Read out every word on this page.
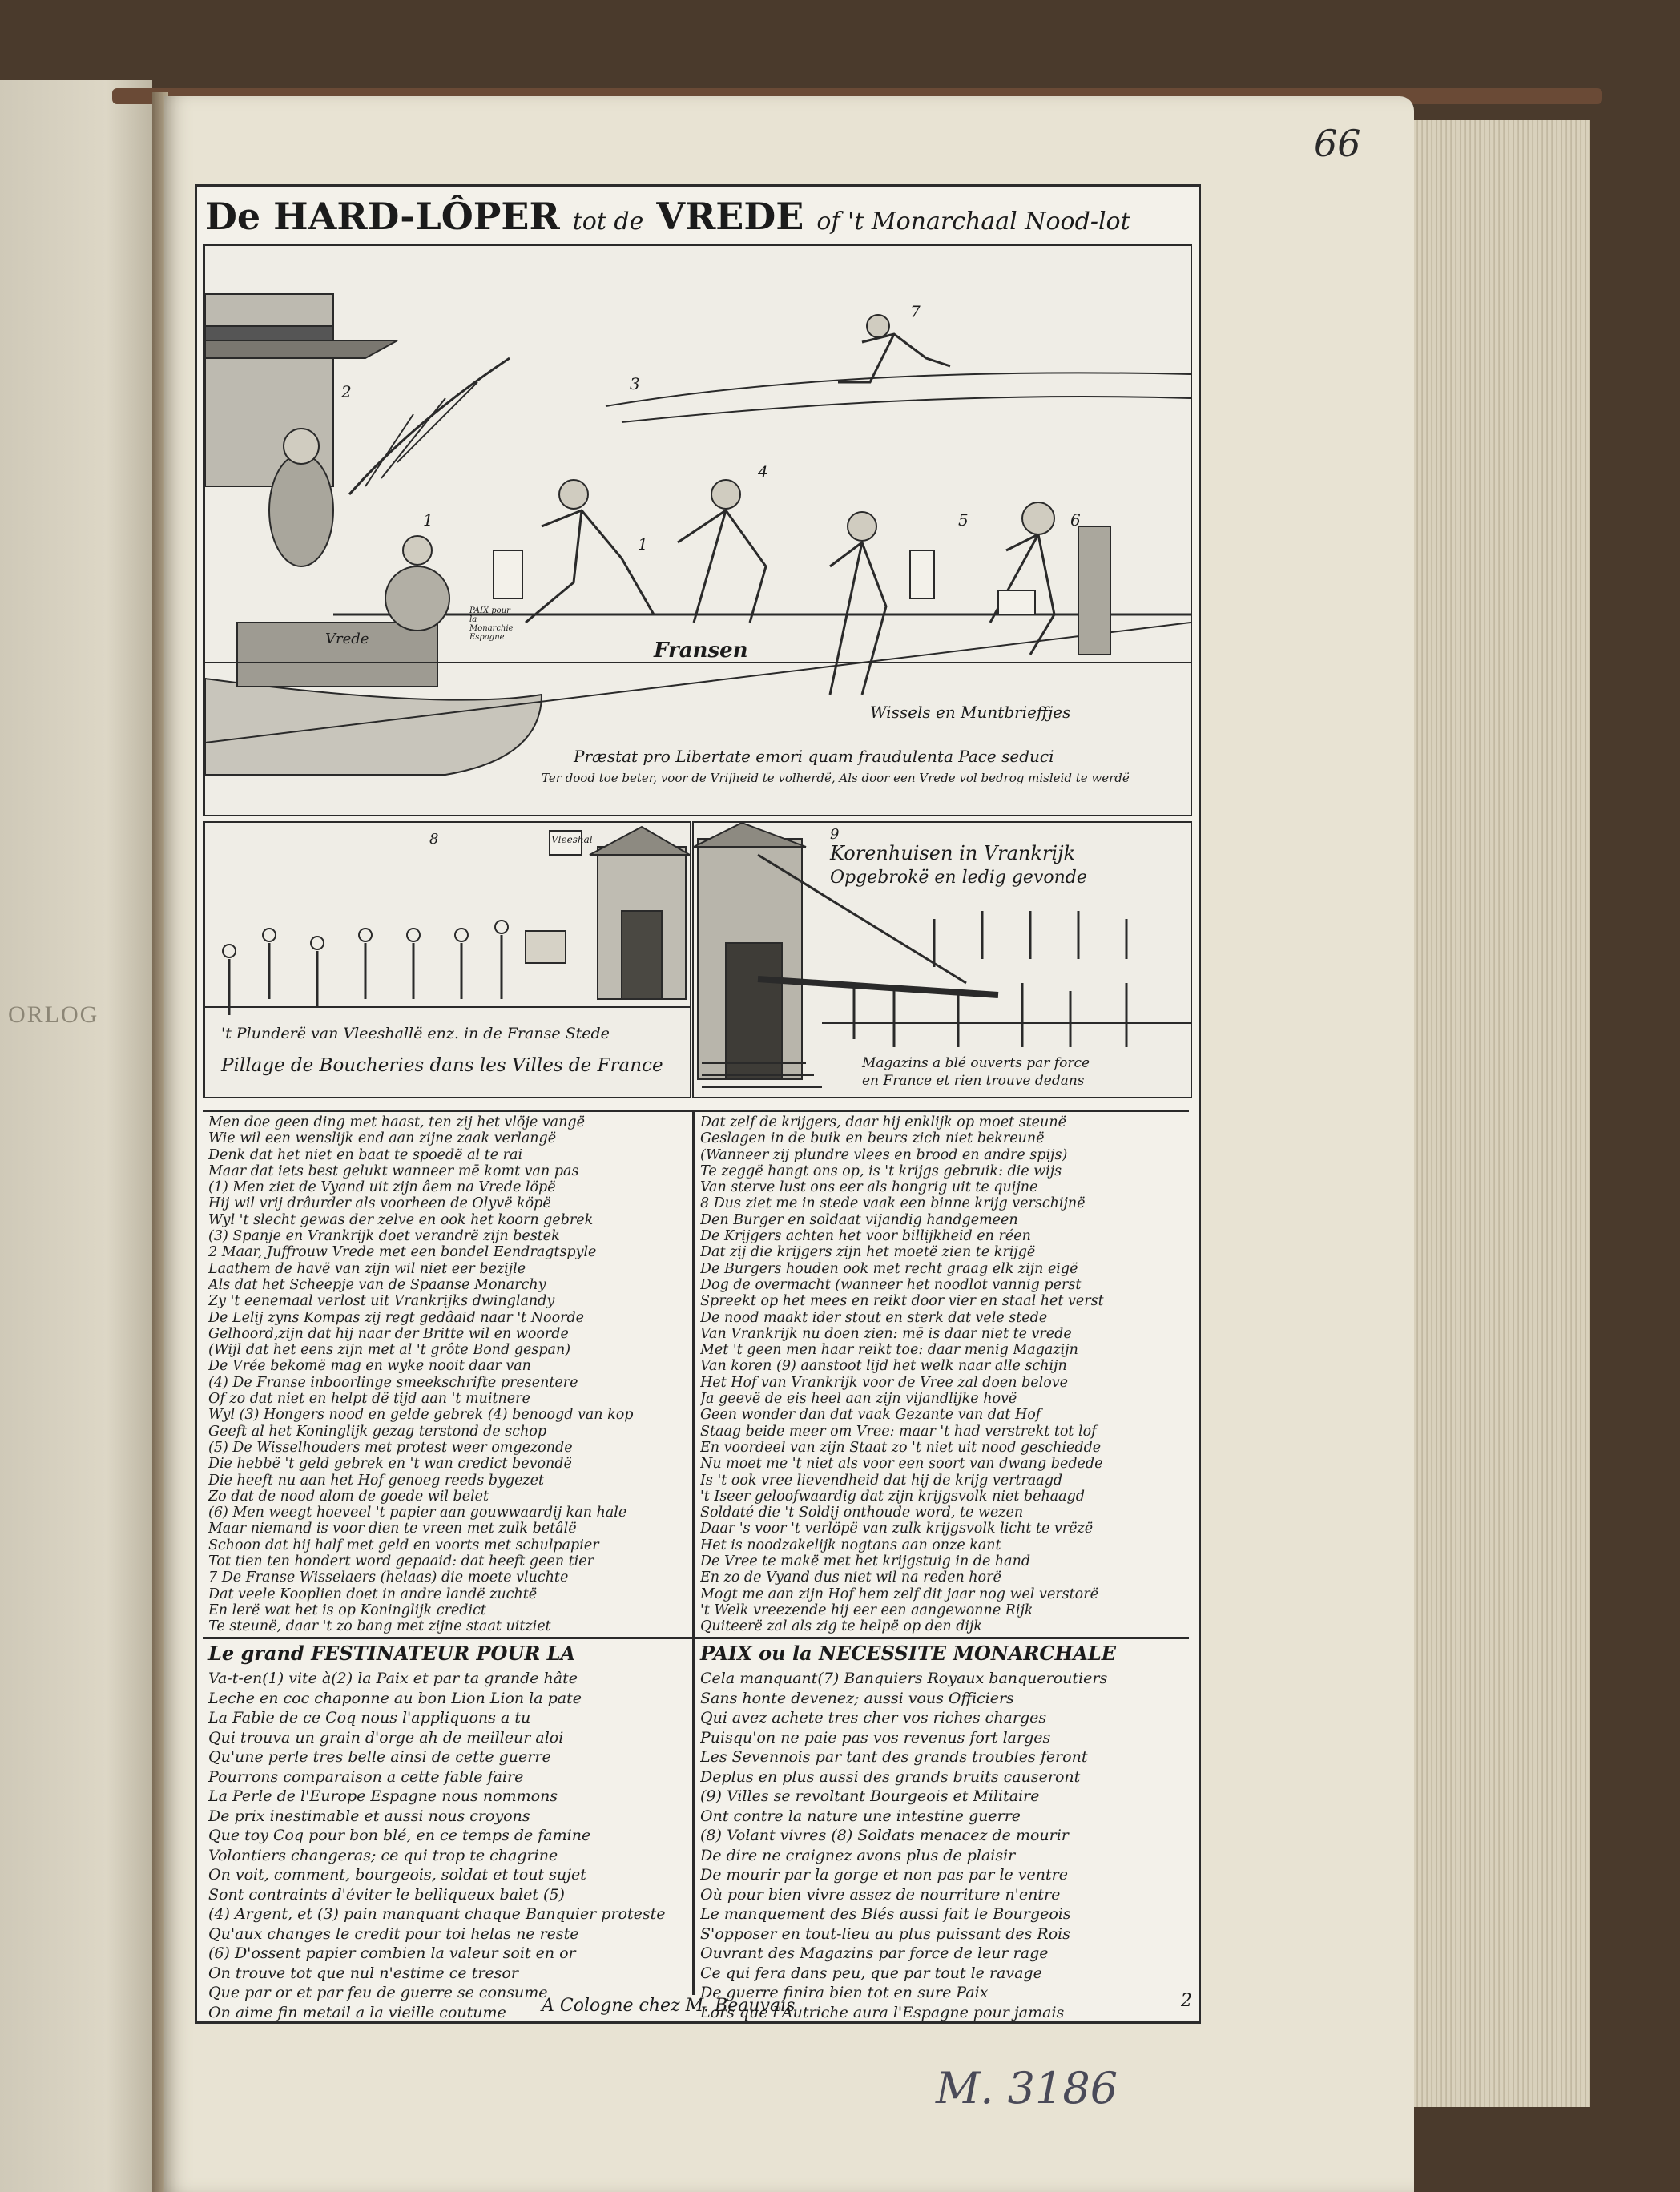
ORLOG
66
De HARD-LÔPER tot de VREDE of 't Monarchaal Nood-lot
2
1
3
4
5	6
7
1
Vrede	Fransen
Wissels en Muntbrieffjes
PAIX pour la Monarchie Espagne
Præstat pro Libertate emori quam fraudulenta Pace seduci
Ter dood toe beter, voor de Vrijheid te volherdë, Als door een Vrede vol bedrog misleid te werdë
8	Vleeshal
't Plunderë van Vleeshallë enz. in de Franse Stede
Pillage de Boucheries dans les Villes de France
9
Korenhuisen in Vrankrijk
Opgebrokë en ledig gevonde
Magazins a blé ouverts par force
en France et rien trouve dedans
Men doe geen ding met haast, ten zij het vlöje vangë
Wie wil een wenslijk end aan zijne zaak verlangë
Denk dat het niet en baat te spoedë al te rai
Maar dat iets best gelukt wanneer mē komt van pas
(1) Men ziet de Vyand uit zijn âem na Vrede löpë
Hij wil vrij drâurder als voorheen de Olyvë köpë
Wyl 't slecht gewas der zelve en ook het koorn gebrek
(3) Spanje en Vrankrijk doet verandrë zijn bestek
2 Maar, Juffrouw Vrede met een bondel Eendragtspyle
Laathem de havë van zijn wil niet eer bezijle
Als dat het Scheepje van de Spaanse Monarchy
Zy 't eenemaal verlost uit Vrankrijks dwinglandy
De Lelij zyns Kompas zij regt gedâaid naar 't Noorde
Gelhoord,zijn dat hij naar der Britte wil en woorde
(Wijl dat het eens zijn met al 't grôte Bond gespan)
De Vrée bekomë mag en wyke nooit daar van
(4) De Franse inboorlinge smeekschrifte presentere
Of zo dat niet en helpt dë tijd aan 't muitnere
Wyl (3) Hongers nood en gelde gebrek (4) benoogd van kop
Geeft al het Koninglijk gezag terstond de schop
(5) De Wisselhouders met protest weer omgezonde
Die hebbë 't geld gebrek en 't wan credict bevondë
Die heeft nu aan het Hof genoeg reeds bygezet
Zo dat de nood alom de goede wil belet
(6) Men weegt hoeveel 't papier aan gouwwaardij kan hale
Maar niemand is voor dien te vreen met zulk betâlë
Schoon dat hij half met geld en voorts met schulpapier
Tot tien ten hondert word gepaaid: dat heeft geen tier
7 De Franse Wisselaers (helaas) die moete vluchte
Dat veele Kooplien doet in andre landë zuchtë
En lerë wat het is op Koninglijk credict
Te steunë, daar 't zo bang met zijne staat uitziet
Dat zelf de krijgers, daar hij enklijk op moet steunë
Geslagen in de buik en beurs zich niet bekreunë
(Wanneer zij plundre vlees en brood en andre spijs)
Te zeggë hangt ons op, is 't krijgs gebruik: die wijs
Van sterve lust ons eer als hongrig uit te quijne
8 Dus ziet me in stede vaak een binne krijg verschijnë
Den Burger en soldaat vijandig handgemeen
De Krijgers achten het voor billijkheid en réen
Dat zij die krijgers zijn het moetë zien te krijgë
De Burgers houden ook met recht graag elk zijn eigë
Dog de overmacht (wanneer het noodlot vannig perst
Spreekt op het mees en reikt door vier en staal het verst
De nood maakt ider stout en sterk dat vele stede
Van Vrankrijk nu doen zien: mē is daar niet te vrede
Met 't geen men haar reikt toe: daar menig Magazijn
Van koren (9) aanstoot lijd het welk naar alle schijn
Het Hof van Vrankrijk voor de Vree zal doen belove
Ja geevë de eis heel aan zijn vijandlijke hovë
Geen wonder dan dat vaak Gezante van dat Hof
Staag beide meer om Vree: maar 't had verstrekt tot lof
En voordeel van zijn Staat zo 't niet uit nood geschiedde
Nu moet me 't niet als voor een soort van dwang bedede
Is 't ook vree lievendheid dat hij de krijg vertraagd
't Iseer geloofwaardig dat zijn krijgsvolk niet behaagd
Soldaté die 't Soldij onthoude word, te wezen
Daar 's voor 't verlöpë van zulk krijgsvolk licht te vrëzë
Het is noodzakelijk nogtans aan onze kant
De Vree te makë met het krijgstuig in de hand
En zo de Vyand dus niet wil na reden horë
Mogt me aan zijn Hof hem zelf dit jaar nog wel verstorë
't Welk vreezende hij eer een aangewonne Rijk
Quiteerë zal als zig te helpë op den dijk
Le grand FESTINATEUR POUR LA	PAIX ou la NECESSITE MONARCHALE
Va-t-en(1) vite à(2) la Paix et par ta grande hâte
Leche en coc chaponne au bon Lion Lion la pate
La Fable de ce Coq nous l'appliquons a tu
Qui trouva un grain d'orge ah de meilleur aloi
Qu'une perle tres belle ainsi de cette guerre
Pourrons comparaison a cette fable faire
La Perle de l'Europe Espagne nous nommons
De prix inestimable et aussi nous croyons
Que toy Coq pour bon blé, en ce temps de famine
Volontiers changeras; ce qui trop te chagrine
On voit, comment, bourgeois, soldat et tout sujet
Sont contraints d'éviter le belliqueux balet (5)
(4) Argent, et (3) pain manquant chaque Banquier proteste
Qu'aux changes le credit pour toi helas ne reste
(6) D'ossent papier combien la valeur soit en or
On trouve tot que nul n'estime ce tresor
Que par or et par feu de guerre se consume
On aime fin metail a la vieille coutume
Cela manquant(7) Banquiers Royaux banqueroutiers
Sans honte devenez; aussi vous Officiers
Qui avez achete tres cher vos riches charges
Puisqu'on ne paie pas vos revenus fort larges
Les Sevennois par tant des grands troubles feront
Deplus en plus aussi des grands bruits causeront
(9) Villes se revoltant Bourgeois et Militaire
Ont contre la nature une intestine guerre
(8) Volant vivres (8) Soldats menacez de mourir
De dire ne craignez avons plus de plaisir
De mourir par la gorge et non pas par le ventre
Où pour bien vivre assez de nourriture n'entre
Le manquement des Blés aussi fait le Bourgeois
S'opposer en tout-lieu au plus puissant des Rois
Ouvrant des Magazins par force de leur rage
Ce qui fera dans peu, que par tout le ravage
De guerre finira bien tot en sure Paix
Lors que l'Autriche aura l'Espagne pour jamais
A Cologne chez M. Beauvais	2
M. 3186
